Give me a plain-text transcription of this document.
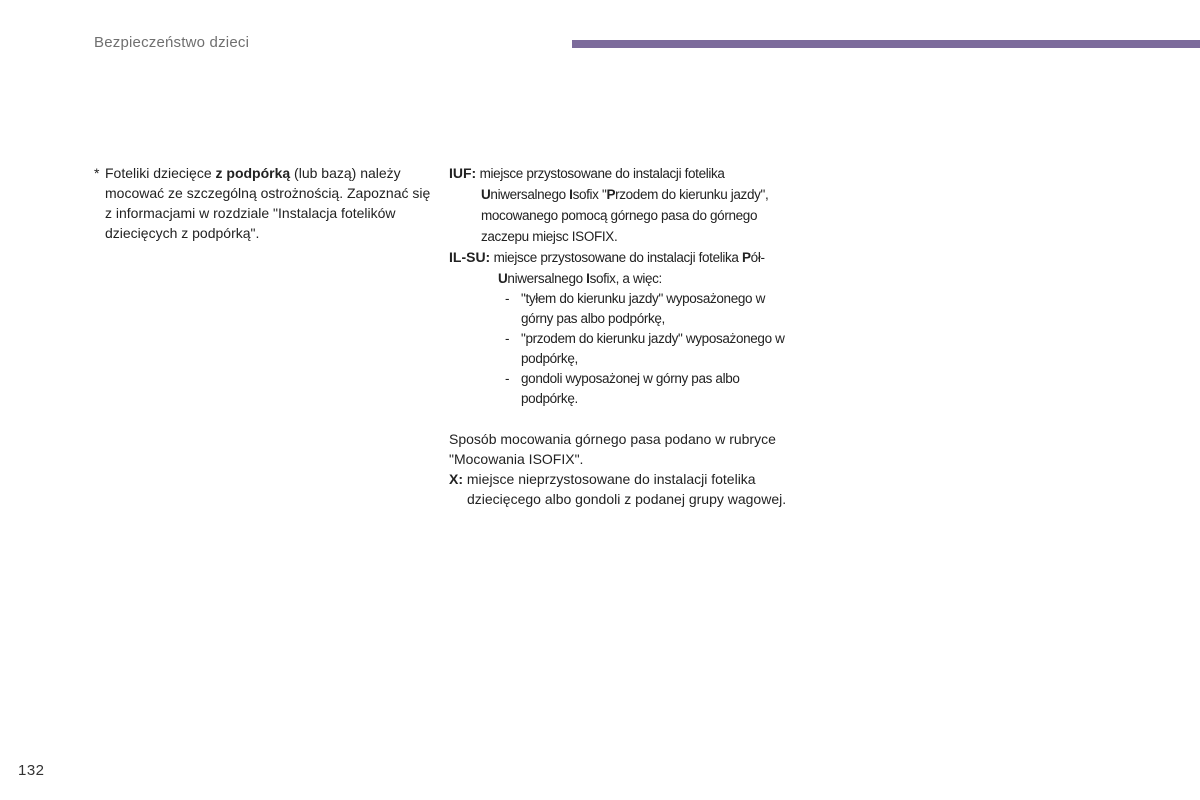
Bezpieczeństwo dzieci
* Foteliki dziecięce z podpórką (lub bazą) należy mocować ze szczególną ostrożnością. Zapoznać się z informacjami w rozdziale "Instalacja fotelików dziecięcych z podpórką".
IUF: miejsce przystosowane do instalacji fotelika Uniwersalnego Isofix "Przodem do kierunku jazdy", mocowanego pomocą górnego pasa do górnego zaczepu miejsc ISOFIX.
IL-SU: miejsce przystosowane do instalacji fotelika Pół-Uniwersalnego Isofix, a więc:
- "tyłem do kierunku jazdy" wyposażonego w górny pas albo podpórkę,
- "przodem do kierunku jazdy" wyposażonego w podpórkę,
- gondoli wyposażonej w górny pas albo podpórkę.
Sposób mocowania górnego pasa podano w rubryce "Mocowania ISOFIX".
X: miejsce nieprzystosowane do instalacji fotelika dziecięcego albo gondoli z podanej grupy wagowej.
132
